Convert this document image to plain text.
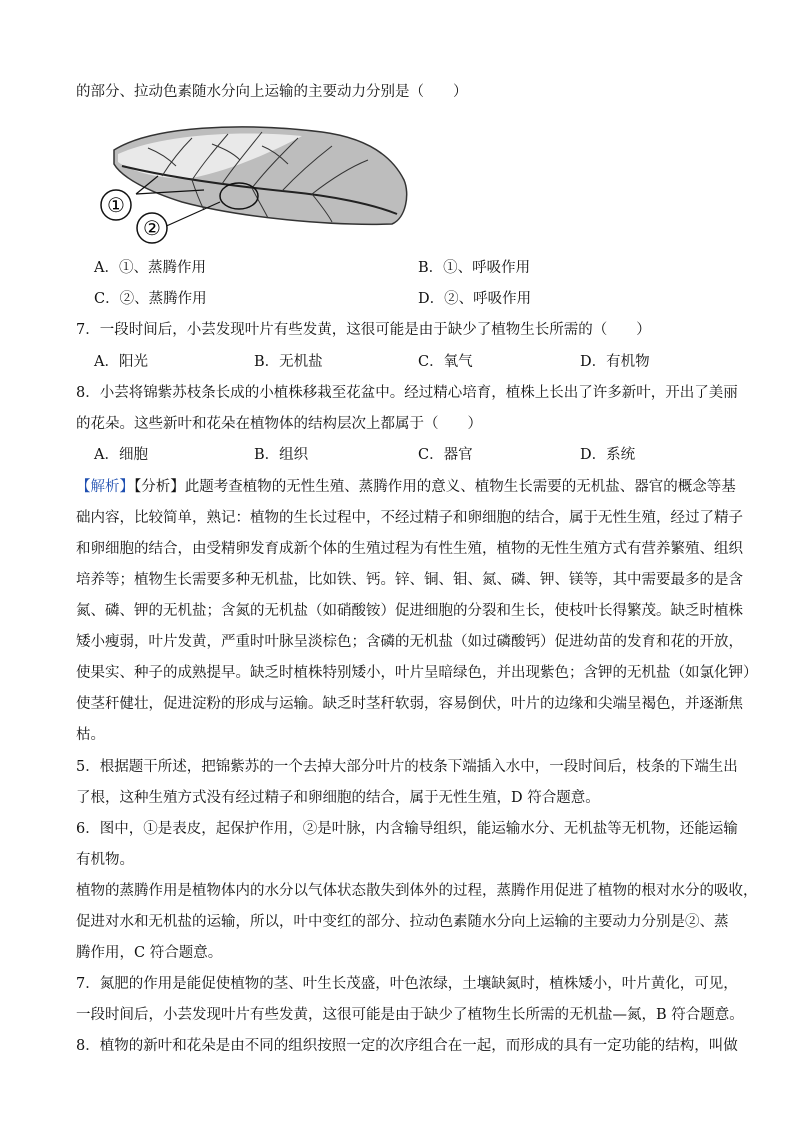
的部分、拉动色素随水分向上运输的主要动力分别是（　　）
①
②
A．①、蒸腾作用	B．①、呼吸作用
C．②、蒸腾作用	D．②、呼吸作用
7．一段时间后，小芸发现叶片有些发黄，这很可能是由于缺少了植物生长所需的（　　）
A．阳光	B．无机盐	C．氧气	D．有机物
8．小芸将锦紫苏枝条长成的小植株移栽至花盆中。经过精心培育，植株上长出了许多新叶，开出了美丽
的花朵。这些新叶和花朵在植物体的结构层次上都属于（　　）
A．细胞	B．组织	C．器官	D．系统
【解析】【分析】此题考查植物的无性生殖、蒸腾作用的意义、植物生长需要的无机盐、器官的概念等基
础内容，比较简单，熟记：植物的生长过程中，不经过精子和卵细胞的结合，属于无性生殖，经过了精子
和卵细胞的结合，由受精卵发育成新个体的生殖过程为有性生殖，植物的无性生殖方式有营养繁殖、组织
培养等；植物生长需要多种无机盐，比如铁、钙。锌、铜、钼、氮、磷、钾、镁等，其中需要最多的是含
氮、磷、钾的无机盐；含氮的无机盐（如硝酸铵）促进细胞的分裂和生长，使枝叶长得繁茂。缺乏时植株
矮小瘦弱，叶片发黄，严重时叶脉呈淡棕色；含磷的无机盐（如过磷酸钙）促进幼苗的发育和花的开放，
使果实、种子的成熟提早。缺乏时植株特别矮小，叶片呈暗绿色，并出现紫色；含钾的无机盐（如氯化钾）
使茎秆健壮，促进淀粉的形成与运输。缺乏时茎秆软弱，容易倒伏，叶片的边缘和尖端呈褐色，并逐渐焦
枯。
5．根据题干所述，把锦紫苏的一个去掉大部分叶片的枝条下端插入水中，一段时间后，枝条的下端生出
了根，这种生殖方式没有经过精子和卵细胞的结合，属于无性生殖，D 符合题意。
6．图中，①是表皮，起保护作用，②是叶脉，内含输导组织，能运输水分、无机盐等无机物，还能运输
有机物。
植物的蒸腾作用是植物体内的水分以气体状态散失到体外的过程，蒸腾作用促进了植物的根对水分的吸收，
促进对水和无机盐的运输，所以，叶中变红的部分、拉动色素随水分向上运输的主要动力分别是②、蒸
腾作用，C 符合题意。
7．氮肥的作用是能促使植物的茎、叶生长茂盛，叶色浓绿，土壤缺氮时，植株矮小，叶片黄化，可见，
一段时间后，小芸发现叶片有些发黄，这很可能是由于缺少了植物生长所需的无机盐—氮，B 符合题意。
8．植物的新叶和花朵是由不同的组织按照一定的次序组合在一起，而形成的具有一定功能的结构，叫做
